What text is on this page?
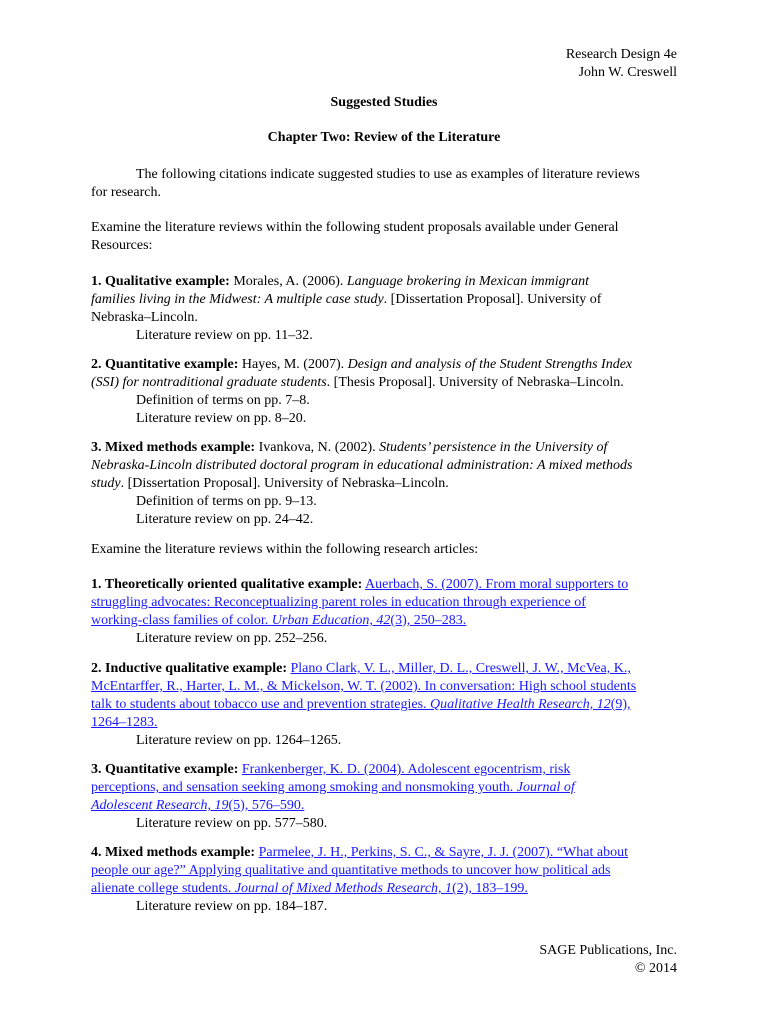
Research Design 4e
John W. Creswell
Suggested Studies
Chapter Two: Review of the Literature
The following citations indicate suggested studies to use as examples of literature reviews
for research.
Examine the literature reviews within the following student proposals available under General
Resources:
1. Qualitative example: Morales, A. (2006). Language brokering in Mexican immigrant
families living in the Midwest: A multiple case study. [Dissertation Proposal]. University of
Nebraska–Lincoln.
Literature review on pp. 11–32.
2. Quantitative example: Hayes, M. (2007). Design and analysis of the Student Strengths Index
(SSI) for nontraditional graduate students. [Thesis Proposal]. University of Nebraska–Lincoln.
Definition of terms on pp. 7–8.
Literature review on pp. 8–20.
3. Mixed methods example: Ivankova, N. (2002). Students’ persistence in the University of
Nebraska-Lincoln distributed doctoral program in educational administration: A mixed methods
study. [Dissertation Proposal]. University of Nebraska–Lincoln.
Definition of terms on pp. 9–13.
Literature review on pp. 24–42.
Examine the literature reviews within the following research articles:
1. Theoretically oriented qualitative example: Auerbach, S. (2007). From moral supporters to
struggling advocates: Reconceptualizing parent roles in education through experience of
working-class families of color. Urban Education, 42(3), 250–283.
Literature review on pp. 252–256.
2. Inductive qualitative example: Plano Clark, V. L., Miller, D. L., Creswell, J. W., McVea, K.,
McEntarffer, R., Harter, L. M., & Mickelson, W. T. (2002). In conversation: High school students
talk to students about tobacco use and prevention strategies. Qualitative Health Research, 12(9),
1264–1283.
Literature review on pp. 1264–1265.
3. Quantitative example: Frankenberger, K. D. (2004). Adolescent egocentrism, risk
perceptions, and sensation seeking among smoking and nonsmoking youth. Journal of
Adolescent Research, 19(5), 576–590.
Literature review on pp. 577–580.
4. Mixed methods example: Parmelee, J. H., Perkins, S. C., & Sayre, J. J. (2007). “What about
people our age?” Applying qualitative and quantitative methods to uncover how political ads
alienate college students. Journal of Mixed Methods Research, 1(2), 183–199.
Literature review on pp. 184–187.
SAGE Publications, Inc.
© 2014
